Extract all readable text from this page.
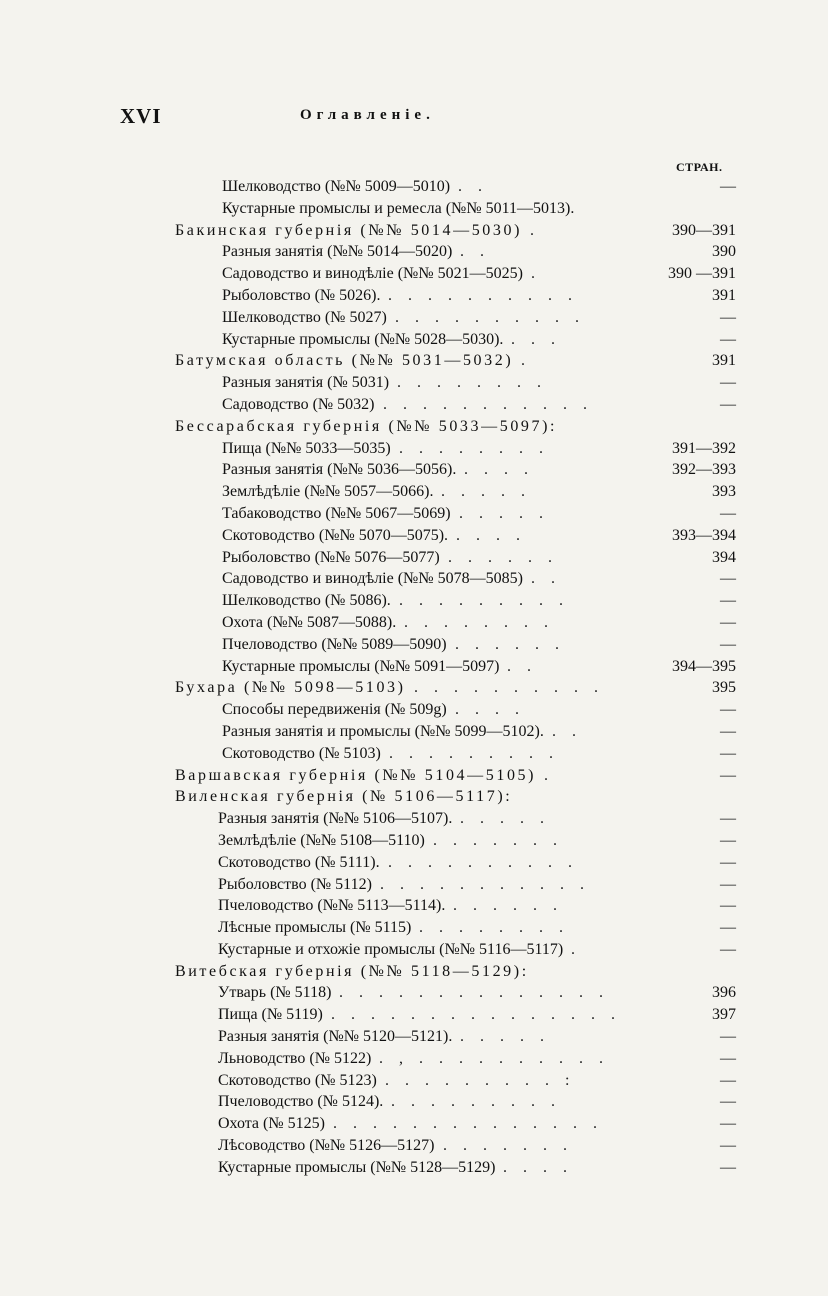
XVI	Оглавленіе.
СТРАН.
Шелководство (№№ 5009—5010) . .	—
Кустарные промыслы и ремесла (№№ 5011—5013).
Бакинская губернія (№№ 5014—5030) .	390—391
Разныя занятія (№№ 5014—5020) . .	390
Садоводство и винодѣліе (№№ 5021—5025) .	390 —391
Рыболовство (№ 5026). . . . . . . . . . .	391
Шелководство (№ 5027) . . . . . . . . . .	—
Кустарные промыслы (№№ 5028—5030). . . .	—
Батумская область (№№ 5031—5032) .	391
Разныя занятія (№ 5031) . . . . . . . .	—
Садоводство (№ 5032) . . . . . . . . . . .	—
Бессарабская губернія (№№ 5033—5097):
Пища (№№ 5033—5035) . . . . . . . .	391—392
Разныя занятія (№№ 5036—5056). . . . .	392—393
Землѣдѣліе (№№ 5057—5066). . . . . .	393
Табаководство (№№ 5067—5069) . . . . .	—
Скотоводство (№№ 5070—5075). . . . .	393—394
Рыболовство (№№ 5076—5077) . . . . . .	394
Садоводство и винодѣліе (№№ 5078—5085) . .	—
Шелководство (№ 5086). . . . . . . . . .	—
Охота (№№ 5087—5088). . . . . . . . .	—
Пчеловодство (№№ 5089—5090) . . . . . .	—
Кустарные промыслы (№№ 5091—5097) . .	394—395
Бухара (№№ 5098—5103) . . . . . . . . . .	395
Способы передвиженія (№ 509g) . . . .	—
Разныя занятія и промыслы (№№ 5099—5102). . .	—
Скотоводство (№ 5103) . . . . . . . . .	—
Варшавская губернія (№№ 5104—5105) .	—
Виленская губернія (№ 5106—5117):
Разныя занятія (№№ 5106—5107). . . . . .	—
Землѣдѣліе (№№ 5108—5110) . . . . . . .	—
Скотоводство (№ 5111). . . . . . . . . . .	—
Рыболовство (№ 5112) . . . . . . . . . . .	—
Пчеловодство (№№ 5113—5114). . . . . . .	—
Лѣсные промыслы (№ 5115) . . . . . . . .	—
Кустарные и отхожіе промыслы (№№ 5116—5117) .	—
Витебская губернія (№№ 5118—5129):
Утварь (№ 5118) . . . . . . . . . . . . . .	396
Пища (№ 5119) . . . . . . . . . . . . . . .	397
Разныя занятія (№№ 5120—5121). . . . . .	—
Льноводство (№ 5122) . , . . . . . . . . . .	—
Скотоводство (№ 5123) . . . . . . . . . :	—
Пчеловодство (№ 5124). . . . . . . . . .	—
Охота (№ 5125) . . . . . . . . . . . . . .	—
Лѣсоводство (№№ 5126—5127) . . . . . . .	—
Кустарные промыслы (№№ 5128—5129) . . . .	—
